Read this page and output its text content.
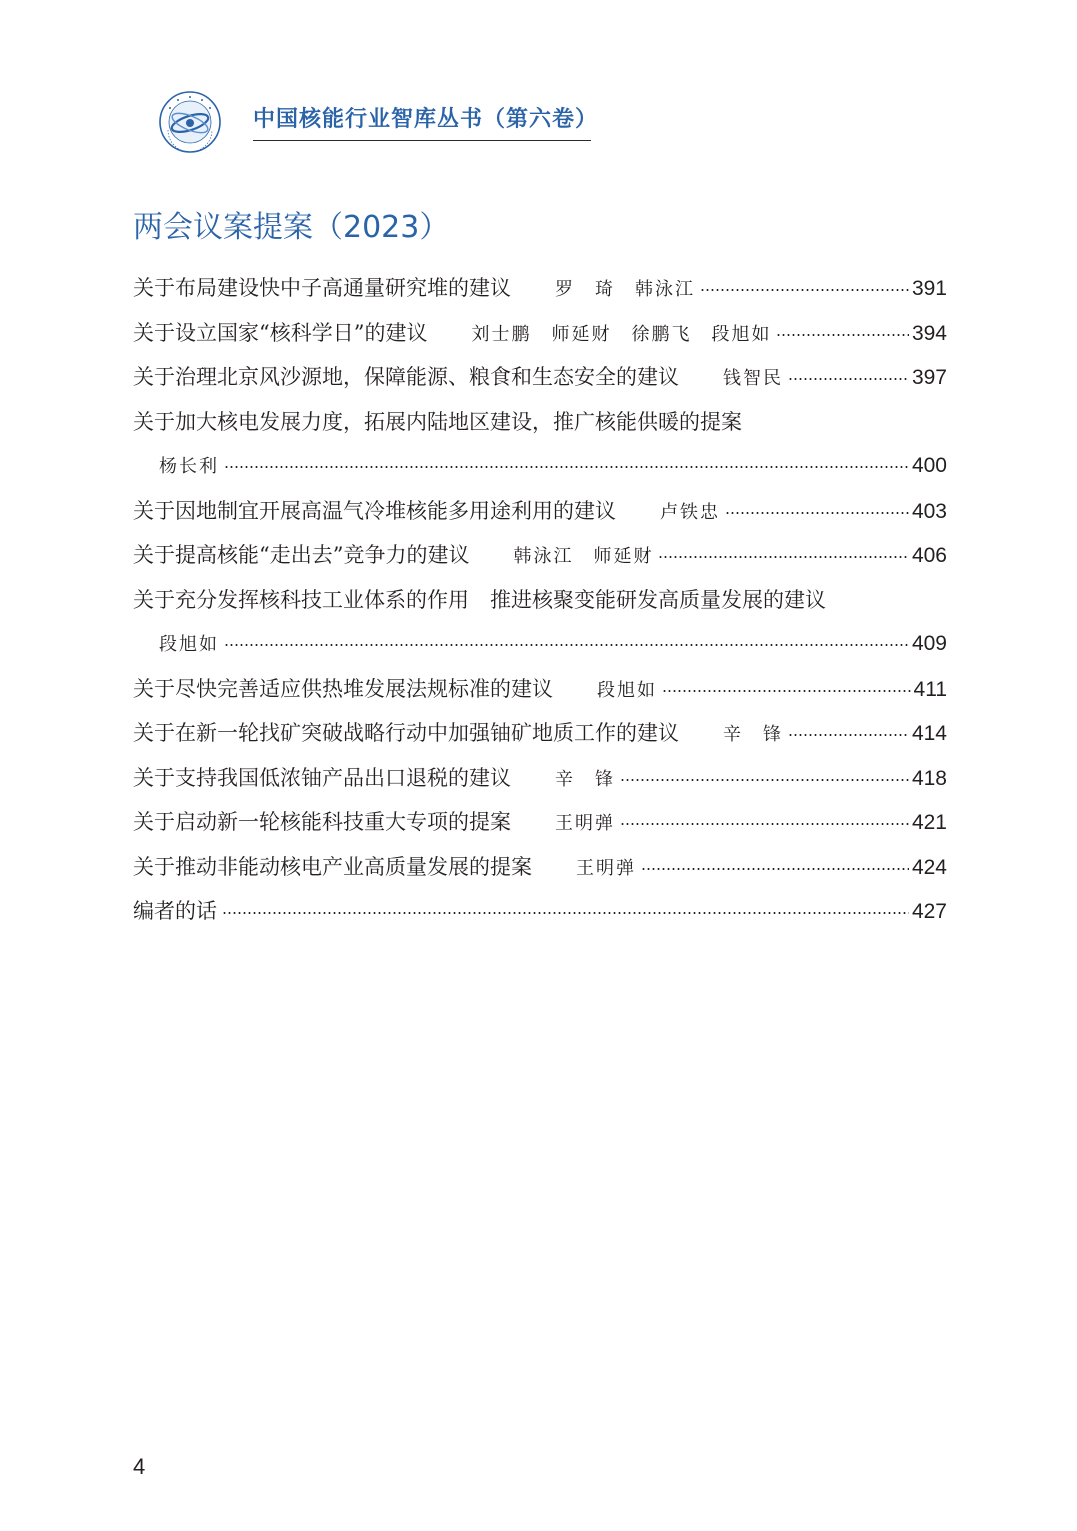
中国核能行业智库丛书（第六卷）
两会议案提案（2023）
关于布局建设快中子高通量研究堆的建议 罗　琦　韩泳江	391
关于设立国家“核科学日”的建议 刘士鹏　师延财　徐鹏飞　段旭如	394
关于治理北京风沙源地，保障能源、粮食和生态安全的建议 钱智民	397
关于加大核电发展力度，拓展内陆地区建设，推广核能供暖的提案
杨长利	400
关于因地制宜开展高温气冷堆核能多用途利用的建议 卢铁忠	403
关于提高核能“走出去”竞争力的建议 韩泳江　师延财	406
关于充分发挥核科技工业体系的作用　推进核聚变能研发高质量发展的建议
段旭如	409
关于尽快完善适应供热堆发展法规标准的建议 段旭如	411
关于在新一轮找矿突破战略行动中加强铀矿地质工作的建议 辛　锋	414
关于支持我国低浓铀产品出口退税的建议 辛　锋	418
关于启动新一轮核能科技重大专项的提案 王明弹	421
关于推动非能动核电产业高质量发展的提案 王明弹	424
编者的话	427
4
